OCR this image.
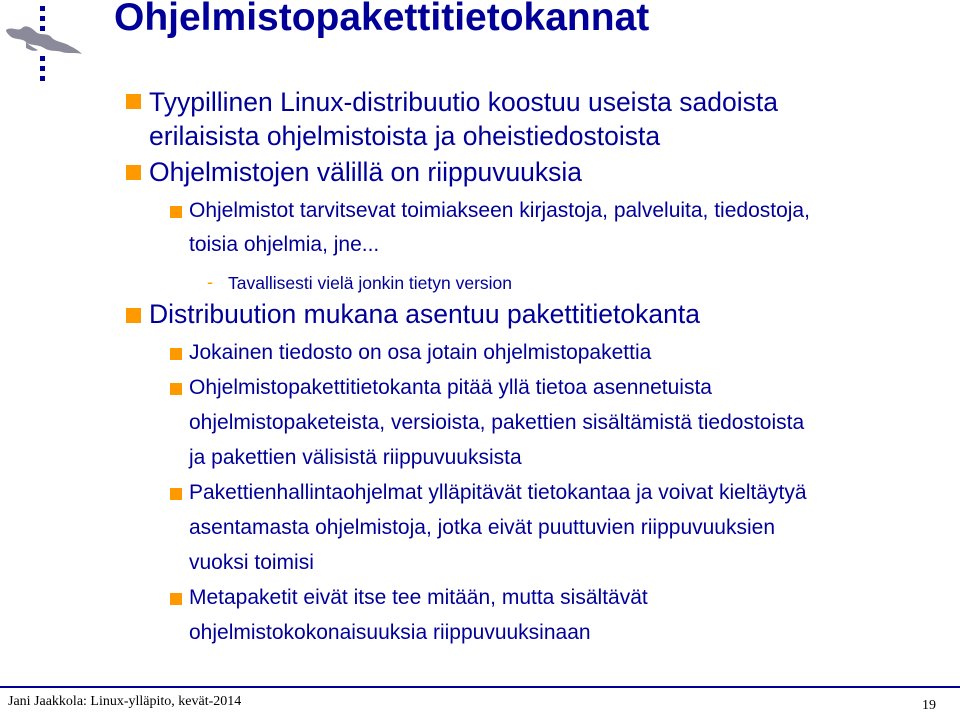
Ohjelmistopakettitietokannat
Tyypillinen Linux-distribuutio koostuu useista sadoista
erilaisista ohjelmistoista ja oheistiedostoista
Ohjelmistojen välillä on riippuvuuksia
Ohjelmistot tarvitsevat toimiakseen kirjastoja, palveluita, tiedostoja,
toisia ohjelmia, jne...
- Tavallisesti vielä jonkin tietyn version
Distribuution mukana asentuu pakettitietokanta
Jokainen tiedosto on osa jotain ohjelmistopakettia
Ohjelmistopakettitietokanta pitää yllä tietoa asennetuista
ohjelmistopaketeista, versioista, pakettien sisältämistä tiedostoista
ja pakettien välisistä riippuvuuksista
Pakettienhallintaohjelmat ylläpitävät tietokantaa ja voivat kieltäytyä
asentamasta ohjelmistoja, jotka eivät puuttuvien riippuvuuksien
vuoksi toimisi
Metapaketit eivät itse tee mitään, mutta sisältävät
ohjelmistokokonaisuuksia riippuvuuksinaan
Jani Jaakkola: Linux-ylläpito, kevät-2014	19
